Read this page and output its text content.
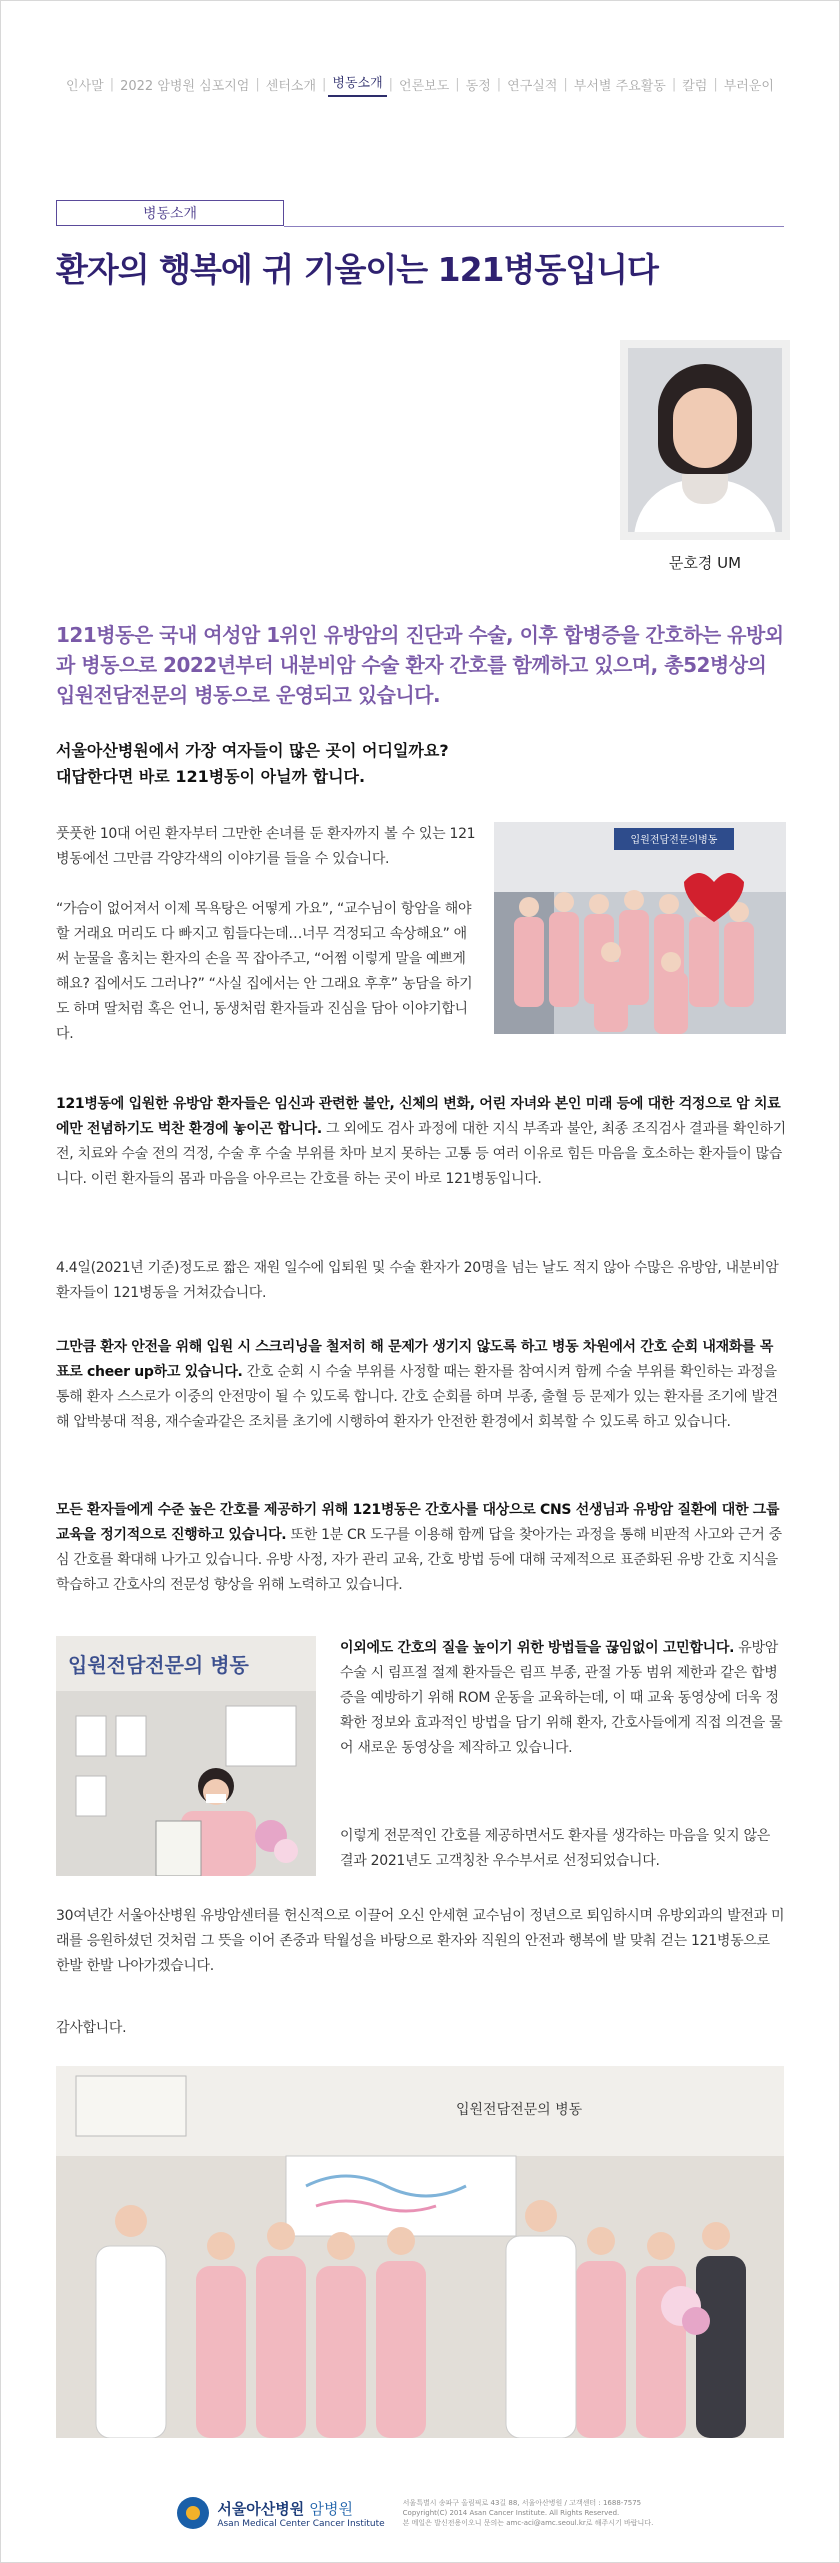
인사말 | 2022 암병원 심포지엄 | 센터소개 | 병동소개 | 언론보도 | 동정 | 연구실적 | 부서별 주요활동 | 칼럼 | 부러운이
병동소개
환자의 행복에 귀 기울이는 121병동입니다
문호경 UM

121병동은 국내 여성암 1위인 유방암의 진단과 수술, 이후 합병증을 간호하는 유방외과 병동으로 2022년부터 내분비암 수술 환자 간호를 함께하고 있으며, 총52병상의 입원전담전문의 병동으로 운영되고 있습니다.

서울아산병원에서 가장 여자들이 많은 곳이 어디일까요?
대답한다면 바로 121병동이 아닐까 합니다.
입원전담전문의병동

풋풋한 10대 어린 환자부터 그만한 손녀를 둔 환자까지 볼 수 있는 121병동에선 그만큼 각양각색의 이야기를 들을 수 있습니다.

“가슴이 없어져서 이제 목욕탕은 어떻게 가요”, “교수님이 항암을 해야할 거래요 머리도 다 빠지고 힘들다는데…너무 걱정되고 속상해요” 애써 눈물을 훔치는 환자의 손을 꼭 잡아주고, “어쩜 이렇게 말을 예쁘게 해요? 집에서도 그러나?” “사실 집에서는 안 그래요 후후” 농담을 하기도 하며 딸처럼 혹은 언니, 동생처럼 환자들과 진심을 담아 이야기합니다.

121병동에 입원한 유방암 환자들은 임신과 관련한 불안, 신체의 변화, 어린 자녀와 본인 미래 등에 대한 걱정으로 암 치료에만 전념하기도 벅찬 환경에 놓이곤 합니다. 그 외에도 검사 과정에 대한 지식 부족과 불안, 최종 조직검사 결과를 확인하기 전, 치료와 수술 전의 걱정, 수술 후 수술 부위를 차마 보지 못하는 고통 등 여러 이유로 힘든 마음을 호소하는 환자들이 많습니다. 이런 환자들의 몸과 마음을 아우르는 간호를 하는 곳이 바로 121병동입니다.

4.4일(2021년 기준)정도로 짧은 재원 일수에 입퇴원 및 수술 환자가 20명을 넘는 날도 적지 않아 수많은 유방암, 내분비암 환자들이 121병동을 거쳐갔습니다.

그만큼 환자 안전을 위해 입원 시 스크리닝을 철저히 해 문제가 생기지 않도록 하고 병동 차원에서 간호 순회 내재화를 목표로 cheer up하고 있습니다. 간호 순회 시 수술 부위를 사정할 때는 환자를 참여시켜 함께 수술 부위를 확인하는 과정을 통해 환자 스스로가 이중의 안전망이 될 수 있도록 합니다. 간호 순회를 하며 부종, 출혈 등 문제가 있는 환자를 조기에 발견해 압박붕대 적용, 재수술과같은 조치를 초기에 시행하여 환자가 안전한 환경에서 회복할 수 있도록 하고 있습니다.

모든 환자들에게 수준 높은 간호를 제공하기 위해 121병동은 간호사를 대상으로 CNS 선생님과 유방암 질환에 대한 그룹 교육을 정기적으로 진행하고 있습니다. 또한 1분 CR 도구를 이용해 함께 답을 찾아가는 과정을 통해 비판적 사고와 근거 중심 간호를 확대해 나가고 있습니다. 유방 사정, 자가 관리 교육, 간호 방법 등에 대해 국제적으로 표준화된 유방 간호 지식을 학습하고 간호사의 전문성 향상을 위해 노력하고 있습니다.

입원전담전문의 병동

이외에도 간호의 질을 높이기 위한 방법들을 끊임없이 고민합니다. 유방암 수술 시 림프절 절제 환자들은 림프 부종, 관절 가동 범위 제한과 같은 합병증을 예방하기 위해 ROM 운동을 교육하는데, 이 때 교육 동영상에 더욱 정확한 정보와 효과적인 방법을 담기 위해 환자, 간호사들에게 직접 의견을 물어 새로운 동영상을 제작하고 있습니다.

이렇게 전문적인 간호를 제공하면서도 환자를 생각하는 마음을 잊지 않은 결과 2021년도 고객칭찬 우수부서로 선정되었습니다.

30여년간 서울아산병원 유방암센터를 헌신적으로 이끌어 오신 안세현 교수님이 정년으로 퇴임하시며 유방외과의 발전과 미래를 응원하셨던 것처럼 그 뜻을 이어 존중과 탁월성을 바탕으로 환자와 직원의 안전과 행복에 발 맞춰 걷는 121병동으로 한발 한발 나아가겠습니다.

감사합니다.

입원전담전문의 병동
서울아산병원 암병원
Asan Medical Center Cancer Institute
서울특별시 송파구 올림픽로 43길 88, 서울아산병원 / 고객센터 : 1688-7575
Copyright(C) 2014 Asan Cancer Institute. All Rights Reserved.
본 메일은 발신전용이오니 문의는 amc-aci@amc.seoul.kr로 해주시기 바랍니다.
